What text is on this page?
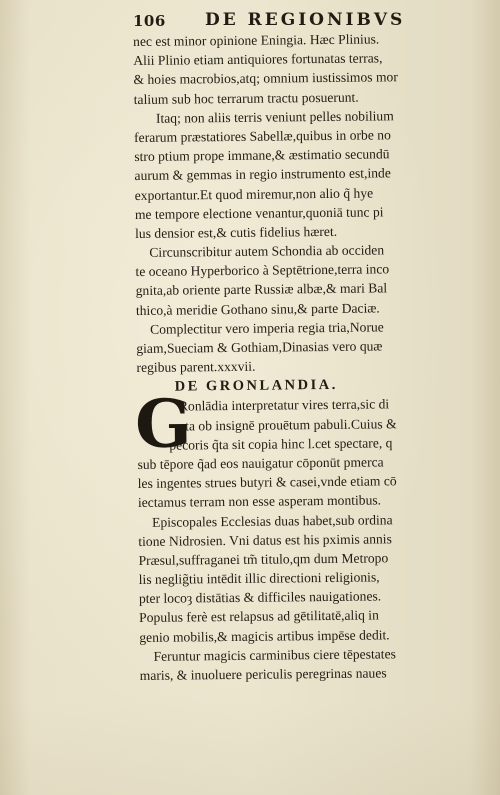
106 DE REGIONIBVS
nec est minor opinione Eningia. Hæc Plinius.
Alii Plinio etiam antiquiores fortunatas terras,
& hoies macrobios,atq; omnium iustissimos mor
talium sub hoc terrarum tractu posuerunt.
Itaq; non aliis terris veniunt pelles nobilium
ferarum præstatiores Sabellæ,quibus in orbe no
stro ptium prope immane,& æstimatio secundū
aurum & gemmas in regio instrumento est,inde
exportantur.Et quod miremur,non alio q̃ hye
me tempore electione venantur,quoniā tunc pi
lus densior est,& cutis fidelius hæret.
Circunscribitur autem Schondia ab occiden
te oceano Hyperborico à Septētrione,terra inco
gnita,ab oriente parte Russiæ albæ,& mari Bal
thico,à meridie Gothano sinu,& parte Daciæ.
Complectitur vero imperia regia tria,Norue
giam,Sueciam & Gothiam,Dinasias vero quæ
regibus parent.xxxvii.
DE GRONLANDIA.
G
Ronlādia interpretatur vires terra,sic di
cta ob insignē prouētum pabuli.Cuius &
pecoris q̃ta sit copia hinc l.cet spectare, q
sub tēpore q̃ad eos nauigatur cōponūt pmerca
les ingentes strues butyri & casei,vnde etiam cō
iectamus terram non esse asperam montibus.
Episcopales Ecclesias duas habet,sub ordina
tione Nidrosien. Vni datus est his pximis annis
Præsul,suffraganei tm̃ titulo,qm dum Metropo
lis neglig̃tiu intēdit illic directioni religionis,
pter locoȝ distātias & difficiles nauigationes.
Populus ferè est relapsus ad gētilitatē,aliq in
genio mobilis,& magicis artibus impēse dedit.
Feruntur magicis carminibus ciere tēpestates
maris, & inuoluere periculis peregrinas naues
